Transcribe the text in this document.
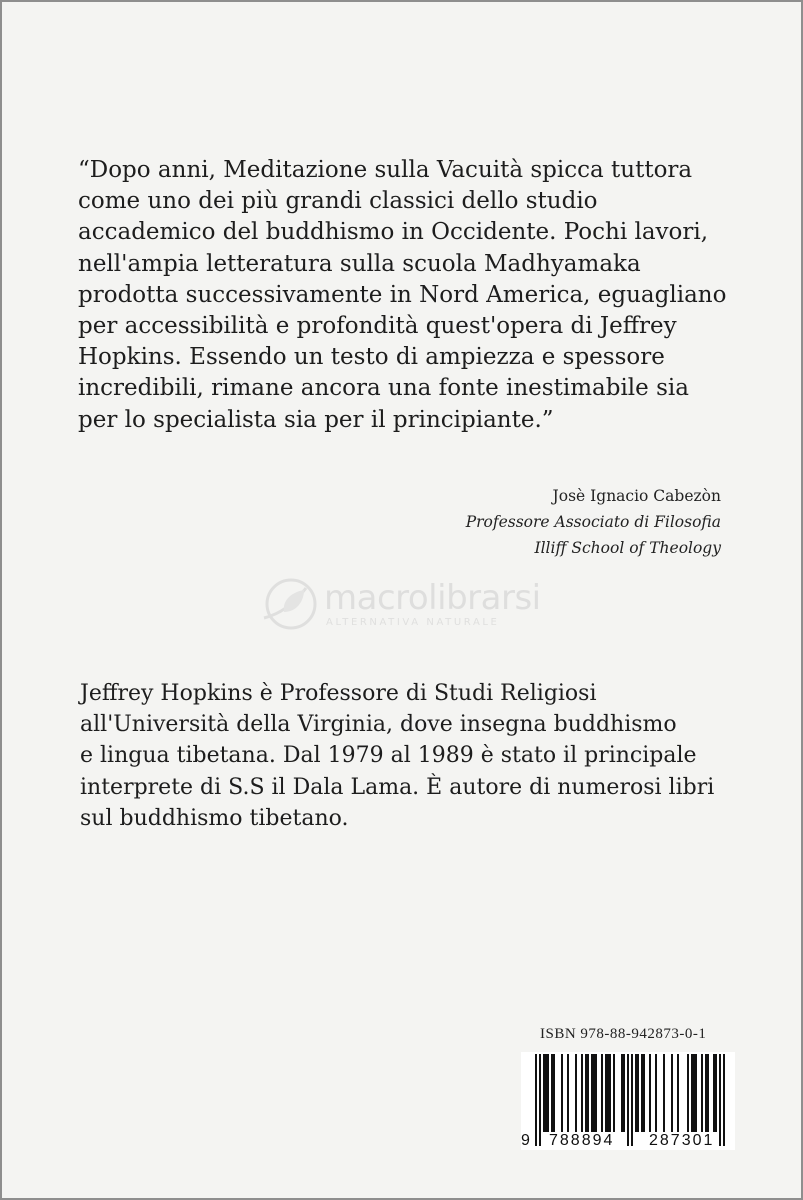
“Dopo anni, Meditazione sulla Vacuità spicca tuttora
come uno dei più grandi classici dello studio
accademico del buddhismo in Occidente. Pochi lavori,
nell'ampia letteratura sulla scuola Madhyamaka
prodotta successivamente in Nord America, eguagliano
per accessibilità e profondità quest'opera di Jeffrey
Hopkins. Essendo un testo di ampiezza e spessore
incredibili, rimane ancora una fonte inestimabile sia
per lo specialista sia per il principiante.”

Josè Ignacio Cabezòn
Professore Associato di Filosofia
Illiff School of Theology
macrolibrarsi
ALTERNATIVA NATURALE

Jeffrey Hopkins è Professore di Studi Religiosi
all'Università della Virginia, dove insegna buddhismo
e lingua tibetana. Dal 1979 al 1989 è stato il principale
interprete di S.S il Dala Lama. È autore di numerosi libri
sul buddhismo tibetano.

ISBN 978-88-942873-0-1
9 788894 287301
